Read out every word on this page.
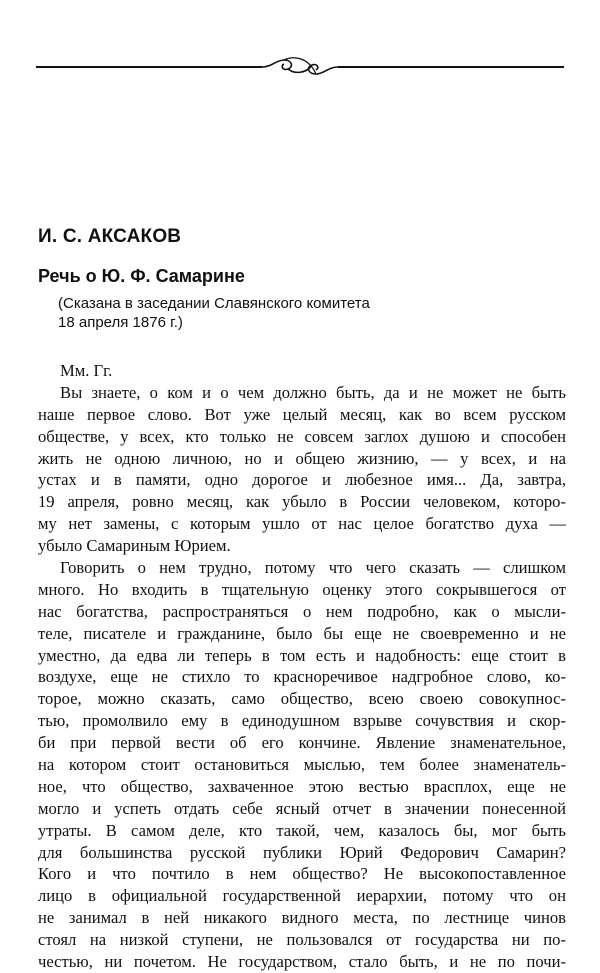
И. С. АКСАКОВ
Речь о Ю. Ф. Самарине

(Сказана в заседании Славянского комитета
18 апреля 1876 г.)

Мм. Гг.
Вы знаете, о ком и о чем должно быть, да и не может не быть
наше первое слово. Вот уже целый месяц, как во всем русском
обществе, у всех, кто только не совсем заглох душою и способен
жить не одною личною, но и общею жизнию, — у всех, и на
устах и в памяти, одно дорогое и любезное имя... Да, завтра,
19 апреля, ровно месяц, как убыло в России человеком, которо-
му нет замены, с которым ушло от нас целое богатство духа —
убыло Самариным Юрием.
Говорить о нем трудно, потому что чего сказать — слишком
много. Но входить в тщательную оценку этого сокрывшегося от
нас богатства, распространяться о нем подробно, как о мысли-
теле, писателе и гражданине, было бы еще не своевременно и не
уместно, да едва ли теперь в том есть и надобность: еще стоит в
воздухе, еще не стихло то красноречивое надгробное слово, ко-
торое, можно сказать, само общество, всею своею совокупнос-
тью, промолвило ему в единодушном взрыве сочувствия и скор-
би при первой вести об его кончине. Явление знаменательное,
на котором стоит остановиться мыслью, тем более знаменатель-
ное, что общество, захваченное этою вестью врасплох, еще не
могло и успеть отдать себе ясный отчет в значении понесенной
утраты. В самом деле, кто такой, чем, казалось бы, мог быть
для большинства русской публики Юрий Федорович Самарин?
Кого и что почтило в нем общество? Не высокопоставленное
лицо в официальной государственной иерархии, потому что он
не занимал в ней никакого видного места, по лестнице чинов
стоял на низкой ступени, не пользовался от государства ни по-
честью, ни почетом. Не государством, стало быть, и не по почи-
